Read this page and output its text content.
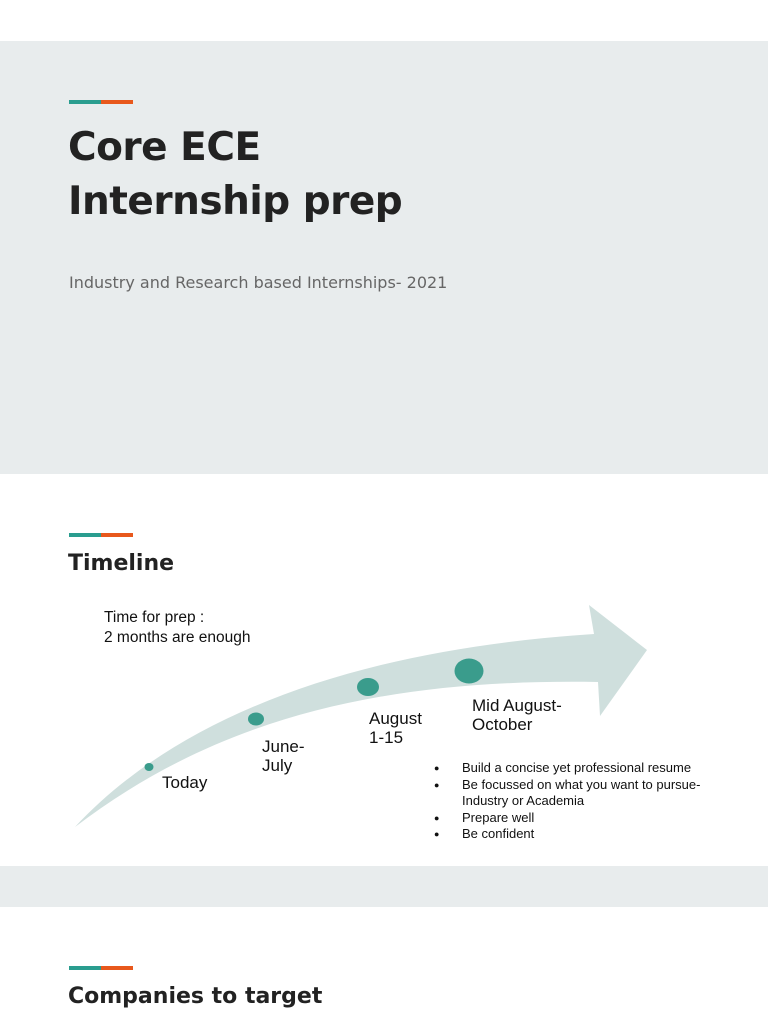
Core ECE
Internship prep
Industry and Research based Internships- 2021
Timeline
Time for prep :
2 months are enough
Today
June-
July
August
1-15
Mid August-
October
● Build a concise yet professional resume
● Be focussed on what you want to pursue- Industry or Academia
● Prepare well
● Be confident
Companies to target
